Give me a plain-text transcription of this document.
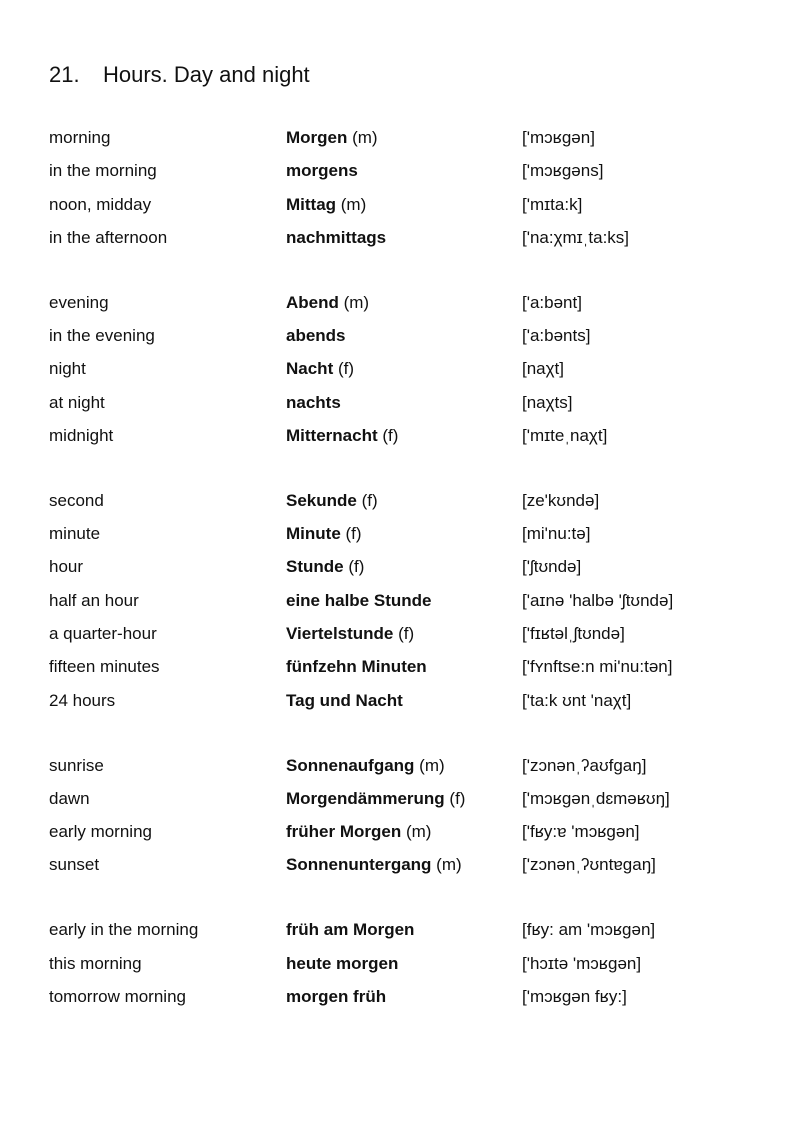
21. Hours. Day and night
morning	Morgen (m)	['mɔʁgən]
in the morning	morgens	['mɔʁgəns]
noon, midday	Mittag (m)	['mɪta:k]
in the afternoon	nachmittags	['na:χmɪˌta:ks]
evening	Abend (m)	['a:bənt]
in the evening	abends	['a:bənts]
night	Nacht (f)	[naχt]
at night	nachts	[naχts]
midnight	Mitternacht (f)	['mɪteˌnaχt]
second	Sekunde (f)	[ze'kʊndə]
minute	Minute (f)	[mi'nu:tə]
hour	Stunde (f)	['ʃtʊndə]
half an hour	eine halbe Stunde	['aɪnə 'halbə 'ʃtʊndə]
a quarter-hour	Viertelstunde (f)	['fɪʁtəlˌʃtʊndə]
fifteen minutes	fünfzehn Minuten	['fʏnftse:n mi'nu:tən]
24 hours	Tag und Nacht	['ta:k ʊnt 'naχt]
sunrise	Sonnenaufgang (m)	['zɔnənˌʔaʊfgaŋ]
dawn	Morgendämmerung (f)	['mɔʁgənˌdɛməʁʊŋ]
early morning	früher Morgen (m)	['fʁy:ɐ 'mɔʁgən]
sunset	Sonnenuntergang (m)	['zɔnənˌʔʊntɐgaŋ]
early in the morning	früh am Morgen	[fʁy: am 'mɔʁgən]
this morning	heute morgen	['hɔɪtə 'mɔʁgən]
tomorrow morning	morgen früh	['mɔʁgən fʁy:]
